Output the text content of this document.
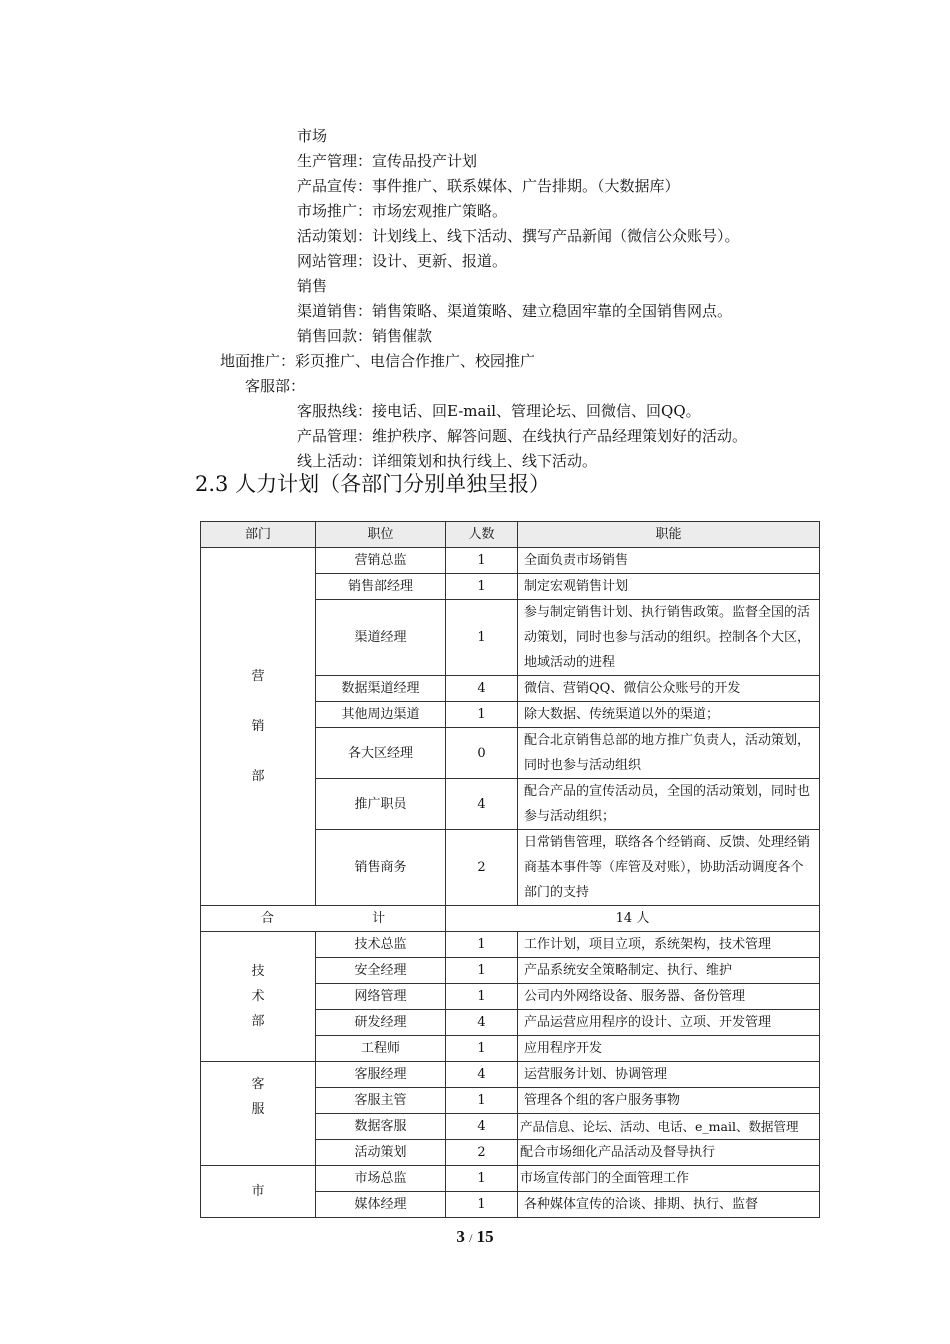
市场
生产管理：宣传品投产计划
产品宣传：事件推广、联系媒体、广告排期。（大数据库）
市场推广：市场宏观推广策略。
活动策划：计划线上、线下活动、撰写产品新闻（微信公众账号）。
网站管理：设计、更新、报道。
销售
渠道销售：销售策略、渠道策略、建立稳固牢靠的全国销售网点。
销售回款：销售催款
地面推广：彩页推广、电信合作推广、校园推广
客服部：
客服热线：接电话、回E-mail、管理论坛、回微信、回QQ。
产品管理：维护秩序、解答问题、在线执行产品经理策划好的活动。
线上活动：详细策划和执行线上、线下活动。
2.3 人力计划（各部门分别单独呈报）
部门	职位	人数	职能

营
销
部	营销总监	1	全面负责市场销售
	销售部经理	1	制定宏观销售计划
	渠道经理	1	参与制定销售计划、执行销售政策。监督全国的活动策划，同时也参与活动的组织。控制各个大区，地域活动的进程
	数据渠道经理	4	微信、营销QQ、微信公众账号的开发
	其他周边渠道	1	除大数据、传统渠道以外的渠道；
	各大区经理	0	配合北京销售总部的地方推广负责人，活动策划，同时也参与活动组织
	推广职员	4	配合产品的宣传活动员，全国的活动策划，同时也参与活动组织；
	销售商务	2	日常销售管理，联络各个经销商、反馈、处理经销商基本事件等（库管及对账），协助活动调度各个部门的支持
合 计		14 人	

技
术
部	技术总监	1	工作计划，项目立项，系统架构，技术管理
	安全经理	1	产品系统安全策略制定、执行、维护
	网络管理	1	公司内外网络设备、服务器、备份管理
	研发经理	4	产品运营应用程序的设计、立项、开发管理
	工程师	1	应用程序开发

客
服	客服经理	4	运营服务计划、协调管理
	客服主管	1	管理各个组的客户服务事物
	数据客服	4	产品信息、论坛、活动、电话、e_mail、数据管理
	活动策划	2	配合市场细化产品活动及督导执行
市	市场总监	1	市场宣传部门的全面管理工作
	媒体经理	1	各种媒体宣传的洽谈、排期、执行、监督
3 / 15
